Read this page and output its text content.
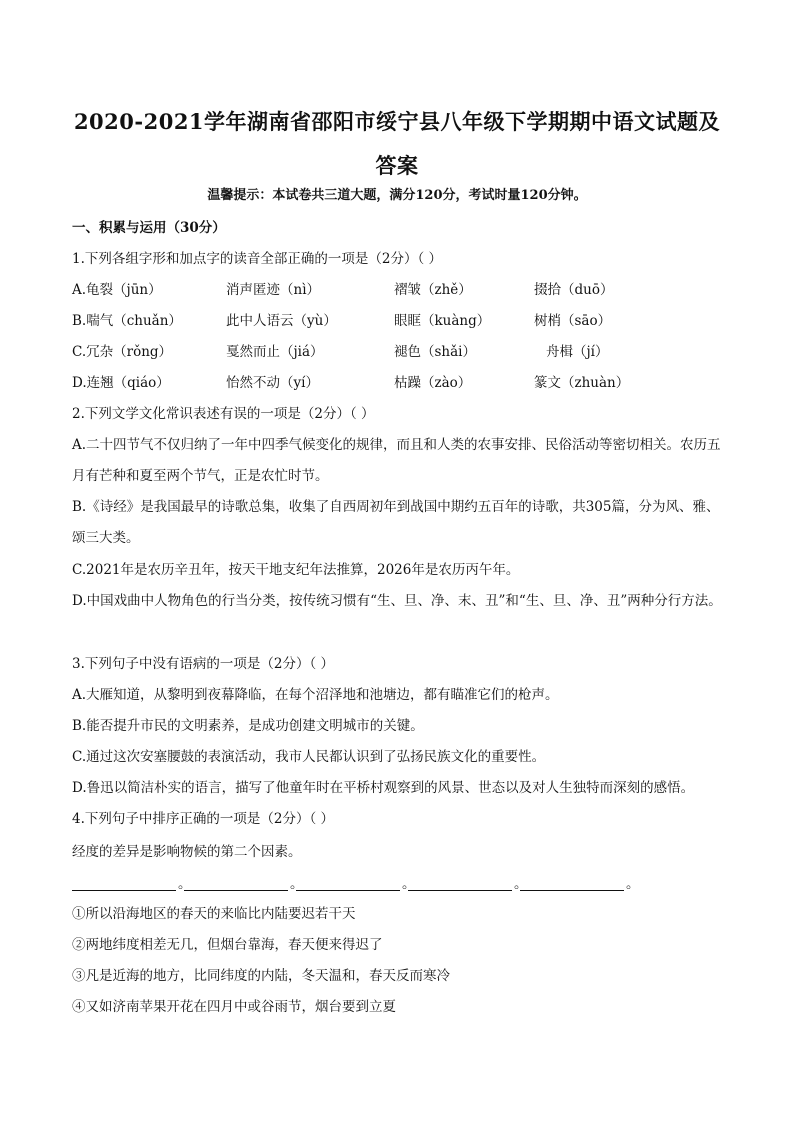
2020-2021学年湖南省邵阳市绥宁县八年级下学期期中语文试题及答案
温馨提示：本试卷共三道大题，满分120分，考试时量120分钟。
一、积累与运用（30分）
1.下列各组字形和加点字的读音全部正确的一项是（2分）（ ）
A.龟裂（jūn）	消声匿迹（nì）	褶皱（zhě）	掇拾（duō）
B.喘气（chuǎn）	此中人语云（yù）	眼眶（kuàng）	树梢（sāo）
C.冗杂（rǒng）	戛然而止（jiá）	褪色（shǎi）	舟楫（jí）
D.连翘（qiáo）	怡然不动（yí）	枯躁（zào）	篆文（zhuàn）
2.下列文学文化常识表述有误的一项是（2分）（ ）
A.二十四节气不仅归纳了一年中四季气候变化的规律，而且和人类的农事安排、民俗活动等密切相关。农历五月有芒种和夏至两个节气，正是农忙时节。
B.《诗经》是我国最早的诗歌总集，收集了自西周初年到战国中期约五百年的诗歌，共305篇，分为风、雅、颂三大类。
C.2021年是农历辛丑年，按天干地支纪年法推算，2026年是农历丙午年。
D.中国戏曲中人物角色的行当分类，按传统习惯有“生、旦、净、末、丑”和“生、旦、净、丑”两种分行方法。
3.下列句子中没有语病的一项是（2分）（ ）
A.大雁知道，从黎明到夜幕降临，在每个沼泽地和池塘边，都有瞄准它们的枪声。
B.能否提升市民的文明素养，是成功创建文明城市的关键。
C.通过这次安塞腰鼓的表演活动，我市人民都认识到了弘扬民族文化的重要性。
D.鲁迅以简洁朴实的语言，描写了他童年时在平桥村观察到的风景、世态以及对人生独特而深刻的感悟。
4.下列句子中排序正确的一项是（2分）（ ）
经度的差异是影响物候的第二个因素。
。	。	。	。	。
①所以沿海地区的春天的来临比内陆要迟若干天
②两地纬度相差无几，但烟台靠海，春天便来得迟了
③凡是近海的地方，比同纬度的内陆，冬天温和，春天反而寒冷
④又如济南苹果开花在四月中或谷雨节，烟台要到立夏
